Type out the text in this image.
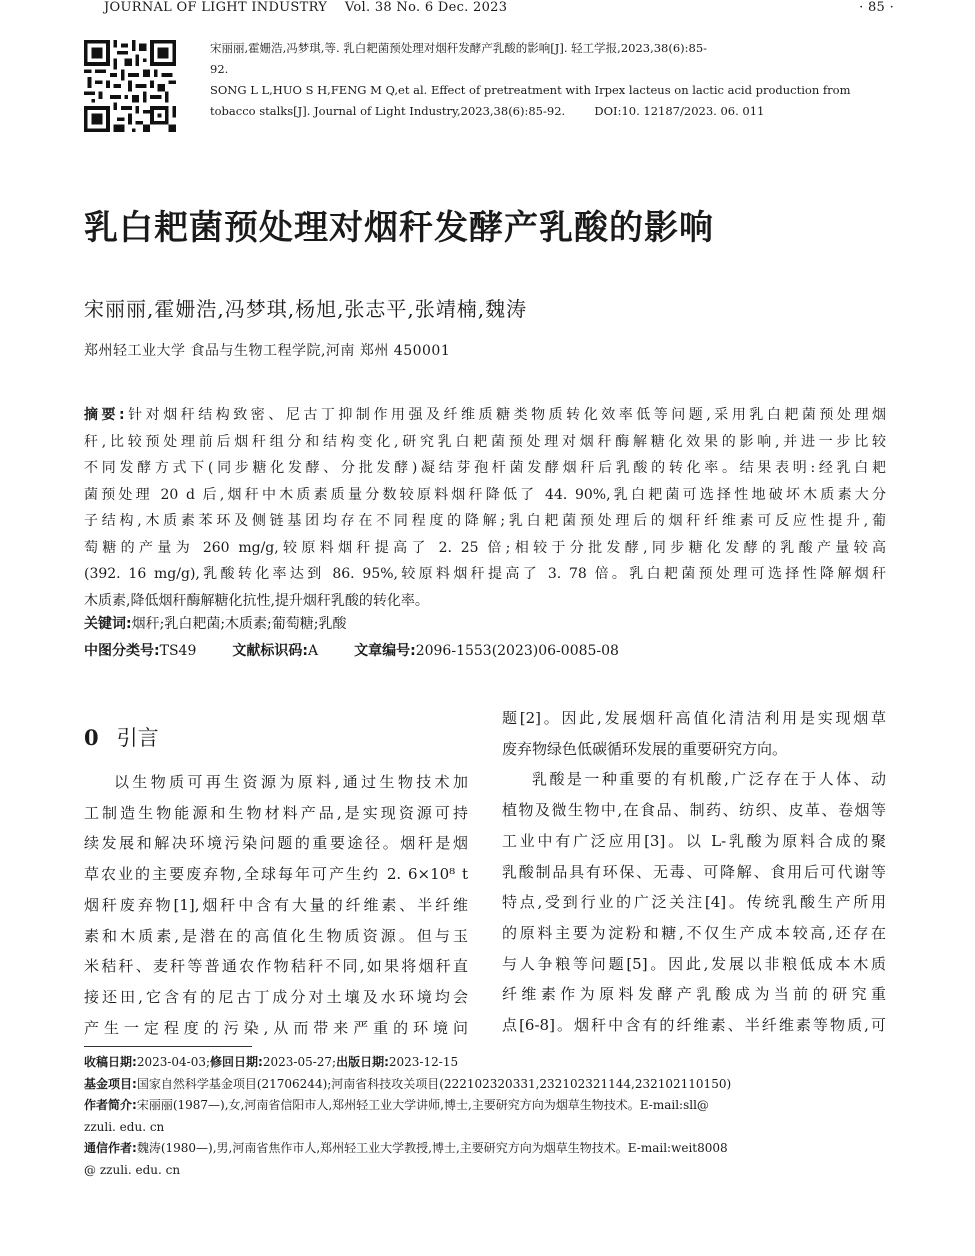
JOURNAL OF LIGHT INDUSTRY    Vol. 38 No. 6 Dec. 2023	· 85 ·
宋丽丽,霍姗浩,冯梦琪,等. 乳白耙菌预处理对烟秆发酵产乳酸的影响[J]. 轻工学报,2023,38(6):85-
92.
SONG L L,HUO S H,FENG M Q,et al. Effect of pretreatment with Irpex lacteus on lactic acid production from
tobacco stalks[J]. Journal of Light Industry,2023,38(6):85-92.        DOI:10. 12187/2023. 06. 011
乳白耙菌预处理对烟秆发酵产乳酸的影响
宋丽丽,霍姗浩,冯梦琪,杨旭,张志平,张靖楠,魏涛
郑州轻工业大学 食品与生物工程学院,河南 郑州 450001
摘要:针对烟秆结构致密、尼古丁抑制作用强及纤维质糖类物质转化效率低等问题,采用乳白耙菌预处理烟
秆,比较预处理前后烟秆组分和结构变化,研究乳白耙菌预处理对烟秆酶解糖化效果的影响,并进一步比较
不同发酵方式下(同步糖化发酵、分批发酵)凝结芽孢杆菌发酵烟秆后乳酸的转化率。结果表明:经乳白耙
菌预处理 20 d 后,烟秆中木质素质量分数较原料烟秆降低了 44. 90%,乳白耙菌可选择性地破坏木质素大分
子结构,木质素苯环及侧链基团均存在不同程度的降解;乳白耙菌预处理后的烟秆纤维素可反应性提升,葡
萄糖的产量为 260 mg/g,较原料烟秆提高了 2. 25 倍;相较于分批发酵,同步糖化发酵的乳酸产量较高
(392. 16 mg/g),乳酸转化率达到 86. 95%,较原料烟秆提高了 3. 78 倍。乳白耙菌预处理可选择性降解烟秆
木质素,降低烟秆酶解糖化抗性,提升烟秆乳酸的转化率。
关键词:烟秆;乳白耙菌;木质素;葡萄糖;乳酸
中图分类号:TS49	文献标识码:A	文章编号:2096-1553(2023)06-0085-08
0 引言
以生物质可再生资源为原料,通过生物技术加
工制造生物能源和生物材料产品,是实现资源可持
续发展和解决环境污染问题的重要途径。烟秆是烟
草农业的主要废弃物,全球每年可产生约 2. 6×10⁸ t
烟秆废弃物[1],烟秆中含有大量的纤维素、半纤维
素和木质素,是潜在的高值化生物质资源。但与玉
米秸秆、麦秆等普通农作物秸秆不同,如果将烟秆直
接还田,它含有的尼古丁成分对土壤及水环境均会
产生一定程度的污染,从而带来严重的环境问
题[2]。因此,发展烟秆高值化清洁利用是实现烟草
废弃物绿色低碳循环发展的重要研究方向。
乳酸是一种重要的有机酸,广泛存在于人体、动
植物及微生物中,在食品、制药、纺织、皮革、卷烟等
工业中有广泛应用[3]。以 L-乳酸为原料合成的聚
乳酸制品具有环保、无毒、可降解、食用后可代谢等
特点,受到行业的广泛关注[4]。传统乳酸生产所用
的原料主要为淀粉和糖,不仅生产成本较高,还存在
与人争粮等问题[5]。因此,发展以非粮低成本木质
纤维素作为原料发酵产乳酸成为当前的研究重
点[6-8]。烟秆中含有的纤维素、半纤维素等物质,可
收稿日期:2023-04-03;修回日期:2023-05-27;出版日期:2023-12-15
基金项目:国家自然科学基金项目(21706244);河南省科技攻关项目(222102320331,232102321144,232102110150)
作者简介:宋丽丽(1987—),女,河南省信阳市人,郑州轻工业大学讲师,博士,主要研究方向为烟草生物技术。E-mail:sll@
zzuli. edu. cn
通信作者:魏涛(1980—),男,河南省焦作市人,郑州轻工业大学教授,博士,主要研究方向为烟草生物技术。E-mail:weit8008
@ zzuli. edu. cn
